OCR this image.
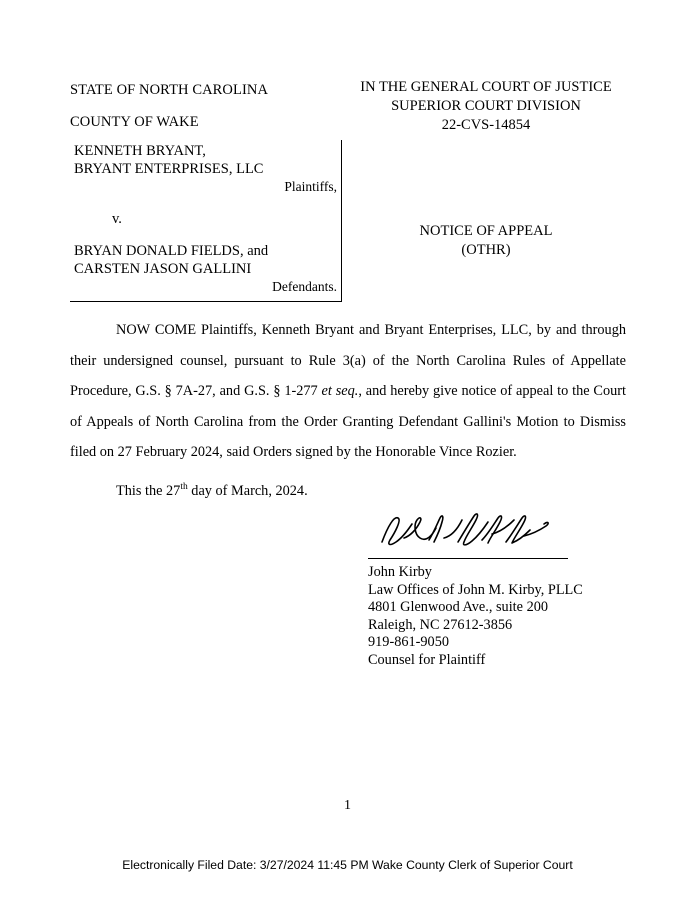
STATE OF NORTH CAROLINA
COUNTY OF WAKE
IN THE GENERAL COURT OF JUSTICE
SUPERIOR COURT DIVISION
22-CVS-14854
KENNETH BRYANT,
BRYANT ENTERPRISES, LLC
Plaintiffs,
v.
BRYAN DONALD FIELDS, and
CARSTEN JASON GALLINI
Defendants.
NOTICE OF APPEAL
(OTHR)

NOW COME Plaintiffs, Kenneth Bryant and Bryant Enterprises, LLC, by and through their undersigned counsel, pursuant to Rule 3(a) of the North Carolina Rules of Appellate Procedure, G.S. § 7A-27, and G.S. § 1-277 et seq., and hereby give notice of appeal to the Court of Appeals of North Carolina from the Order Granting Defendant Gallini's Motion to Dismiss filed on 27 February 2024, said Orders signed by the Honorable Vince Rozier.

This the 27th day of March, 2024.
John Kirby
Law Offices of John M. Kirby, PLLC
4801 Glenwood Ave., suite 200
Raleigh, NC 27612-3856
919-861-9050
Counsel for Plaintiff
1
Electronically Filed Date: 3/27/2024 11:45 PM Wake County Clerk of Superior Court
